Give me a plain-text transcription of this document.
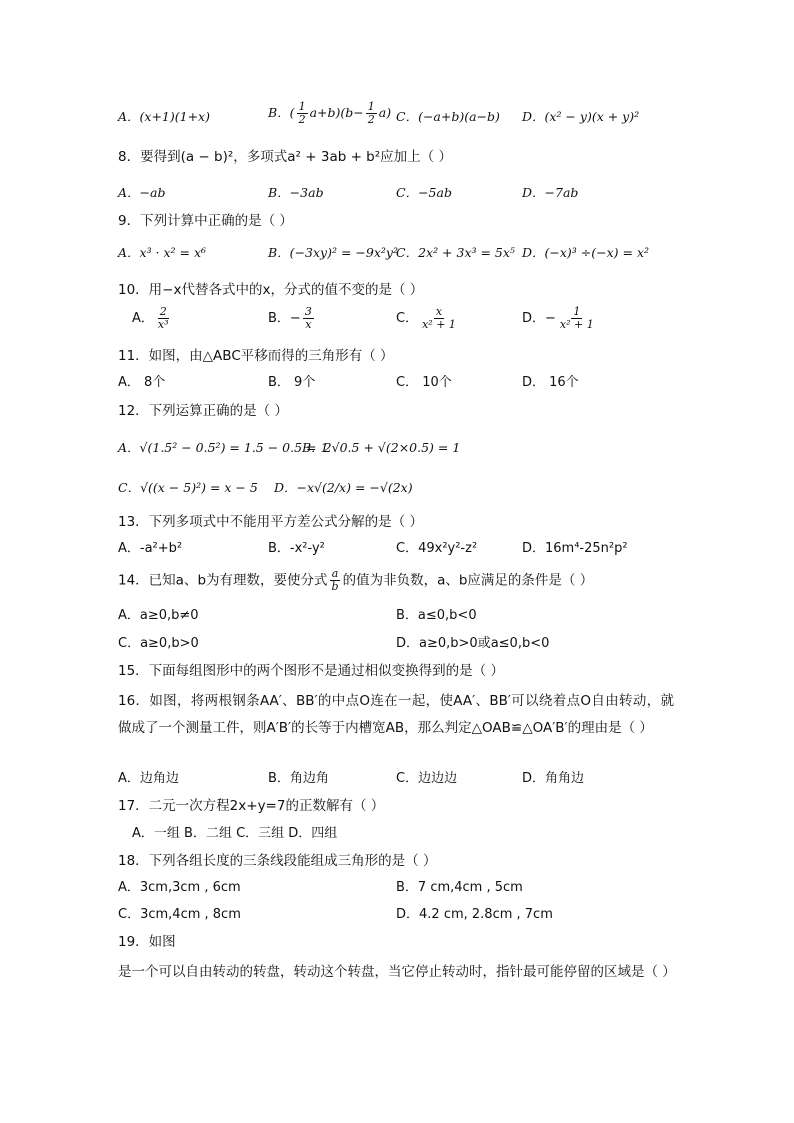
A．(x+1)(1+x)	B．( $\frac{1}{2} a+b)(b- \frac{1}{2} a)$ C．(−a+b)(a−b) D．(x² − y)(x + y)²
8．要得到(a − b)²，多项式a² + 3ab + b²应加上（ ）
A．−ab	B．−3ab	C．−5ab	D．−7ab
9．下列计算中正确的是（ ）
A．x³ · x² = x⁶	B．(−3xy)² = −9x²y²
C．2x² + 3x³ = 5x⁵ D．(−x)³ ÷(−x) = x²
10．用−x代替各式中的x，分式的值不变的是（ ）
A． $\frac{2}{\text{x³}}$	B．− $\frac{3}{x}$	C． $\frac{x}{\text{x² + 1}}$	D．− $\frac{1}{\text{x² + 1}}$
11．如图，由△ABC平移而得的三角形有（ ）
A． 8个	B． 9个	C． 10个	D． 16个
12．下列运算正确的是（ ）
A．√(1.5² − 0.5²) = 1.5 − 0.5 = 1
B．2√0.5 + √(2×0.5) = 1
C．√((x − 5)²) = x − 5 D．−x√(2/x) = −√(2x)
13．下列多项式中不能用平方差公式分解的是（ ）
A．-a²+b²	B．-x²-y²	C．49x²y²-z²	D．16m⁴-25n²p²
14．已知a、b为有理数，要使分式 $\frac{a}{b}$ 的值为非负数，a、b应满足的条件是（ ）
A．a≥0,b≠0	B．a≤0,b<0
C．a≥0,b>0	D．a≥0,b>0或a≤0,b<0
15．下面每组图形中的两个图形不是通过相似变换得到的是（ ）
16．如图，将两根钢条AA′、BB′的中点O连在一起，使AA′、BB′可以绕着点O自由转动，就做成了一个测量工件，则A′B′的长等于内槽宽AB，那么判定△OAB≌△OA′B′的理由是（ ）
A．边角边	B．角边角	C．边边边	D．角角边
17．二元一次方程2x+y=7的正数解有（ ）
A．一组 B．二组 C．三组 D．四组
18．下列各组长度的三条线段能组成三角形的是（ ）
A．3cm,3cm , 6cm	B．7 cm,4cm , 5cm
C．3cm,4cm , 8cm	D．4.2 cm, 2.8cm , 7cm
19．如图
是一个可以自由转动的转盘，转动这个转盘，当它停止转动时，指针最可能停留的区域是（ ）
